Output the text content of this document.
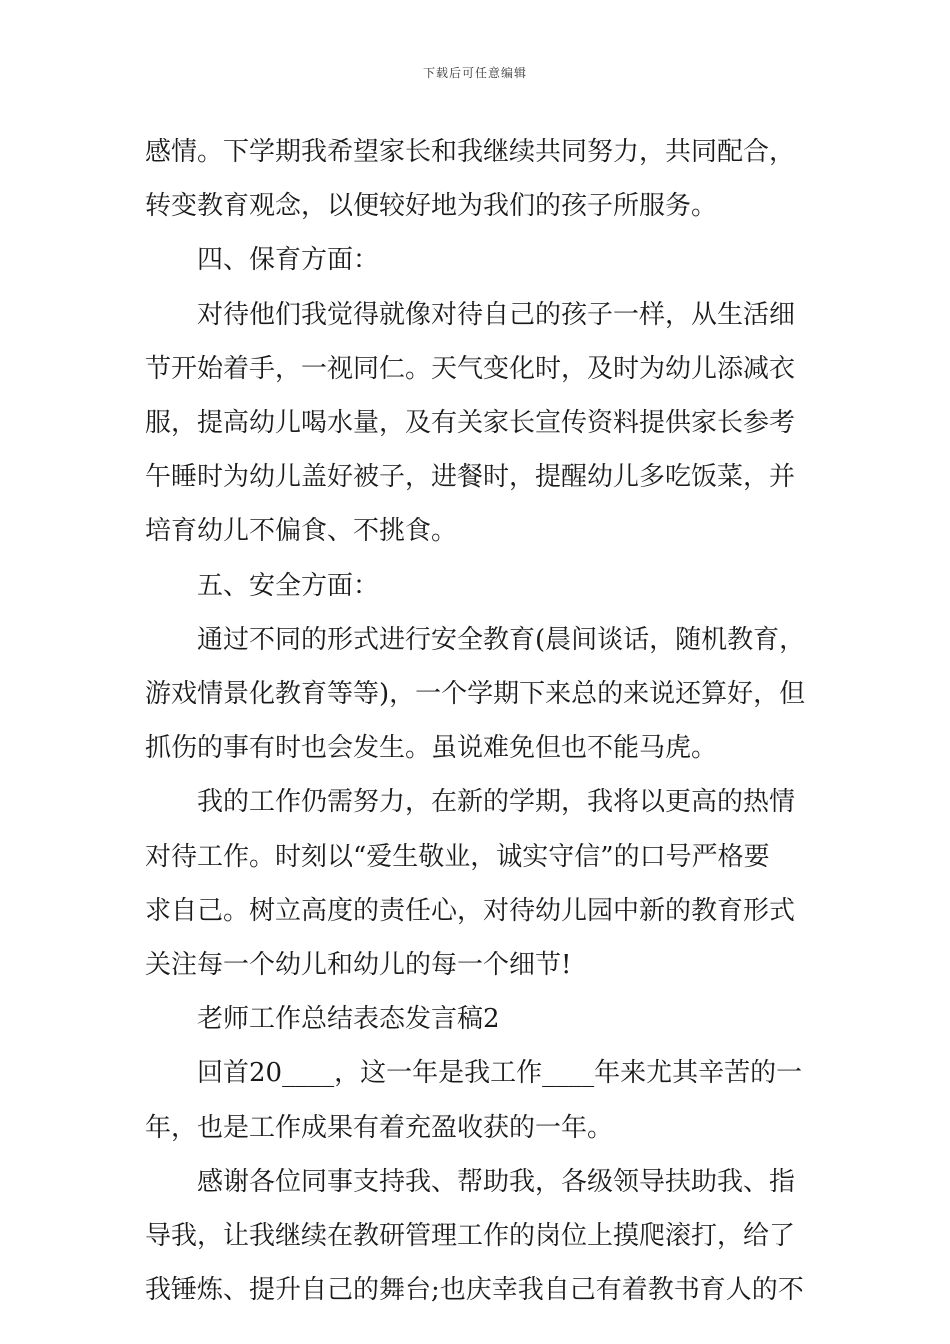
下载后可任意编辑
感情。下学期我希望家长和我继续共同努力，共同配合，
转变教育观念，以便较好地为我们的孩子所服务。
四、保育方面：
对待他们我觉得就像对待自己的孩子一样，从生活细
节开始着手，一视同仁。天气变化时，及时为幼儿添减衣
服，提高幼儿喝水量，及有关家长宣传资料提供家长参考
午睡时为幼儿盖好被子，进餐时，提醒幼儿多吃饭菜，并
培育幼儿不偏食、不挑食。
五、安全方面：
通过不同的形式进行安全教育(晨间谈话，随机教育，
游戏情景化教育等等)，一个学期下来总的来说还算好，但
抓伤的事有时也会发生。虽说难免但也不能马虎。
我的工作仍需努力，在新的学期，我将以更高的热情
对待工作。时刻以“爱生敬业，诚实守信”的口号严格要
求自己。树立高度的责任心，对待幼儿园中新的教育形式
关注每一个幼儿和幼儿的每一个细节!
老师工作总结表态发言稿2
回首20____，这一年是我工作____年来尤其辛苦的一
年，也是工作成果有着充盈收获的一年。
感谢各位同事支持我、帮助我，各级领导扶助我、指
导我，让我继续在教研管理工作的岗位上摸爬滚打，给了
我锤炼、提升自己的舞台;也庆幸我自己有着教书育人的不
